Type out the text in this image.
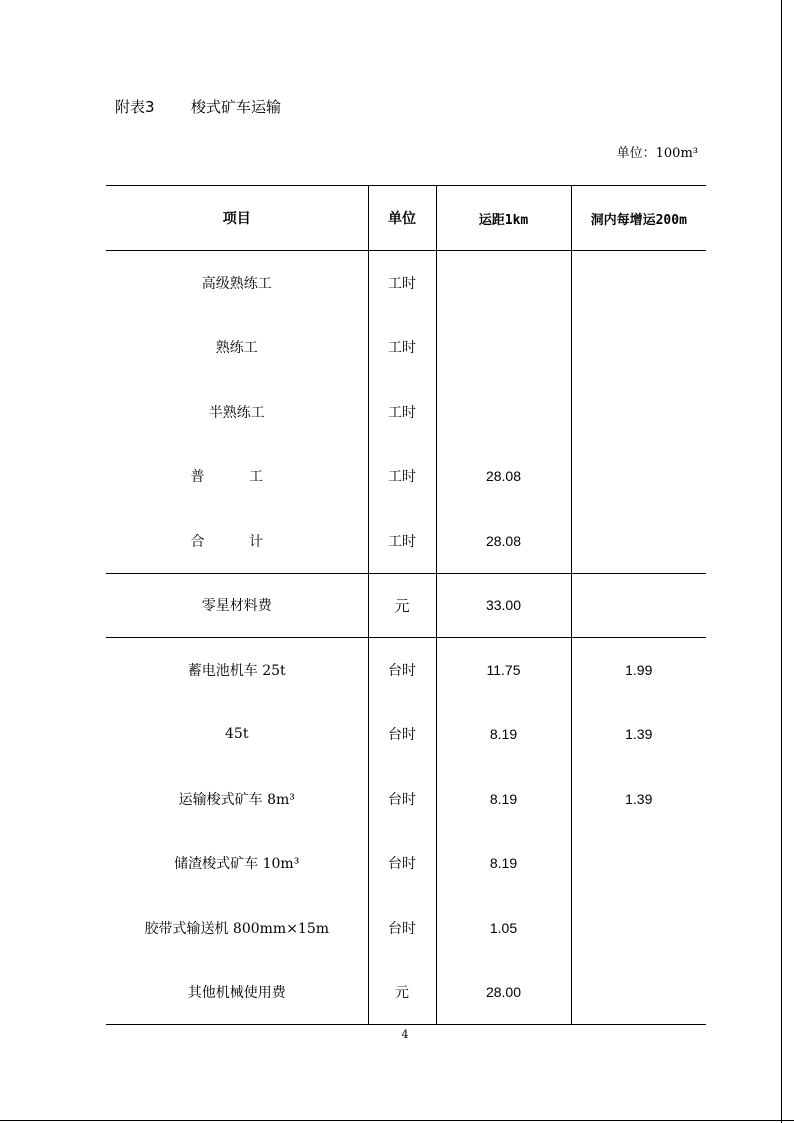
附表3 梭式矿车运输
单位：100m³
项目	单位	运距1km	洞内每增运200m
高级熟练工	工时		
熟练工	工时		
半熟练工	工时		
普 工	工时	28.08	
合 计	工时	28.08	
零星材料费	元	33.00	
蓄电池机车 25t	台时	11.75	1.99
45t	台时	8.19	1.39
运输梭式矿车 8m³	台时	8.19	1.39
储渣梭式矿车 10m³	台时	8.19	
胶带式输送机 800mm×15m	台时	1.05	
其他机械使用费	元	28.00	
4
